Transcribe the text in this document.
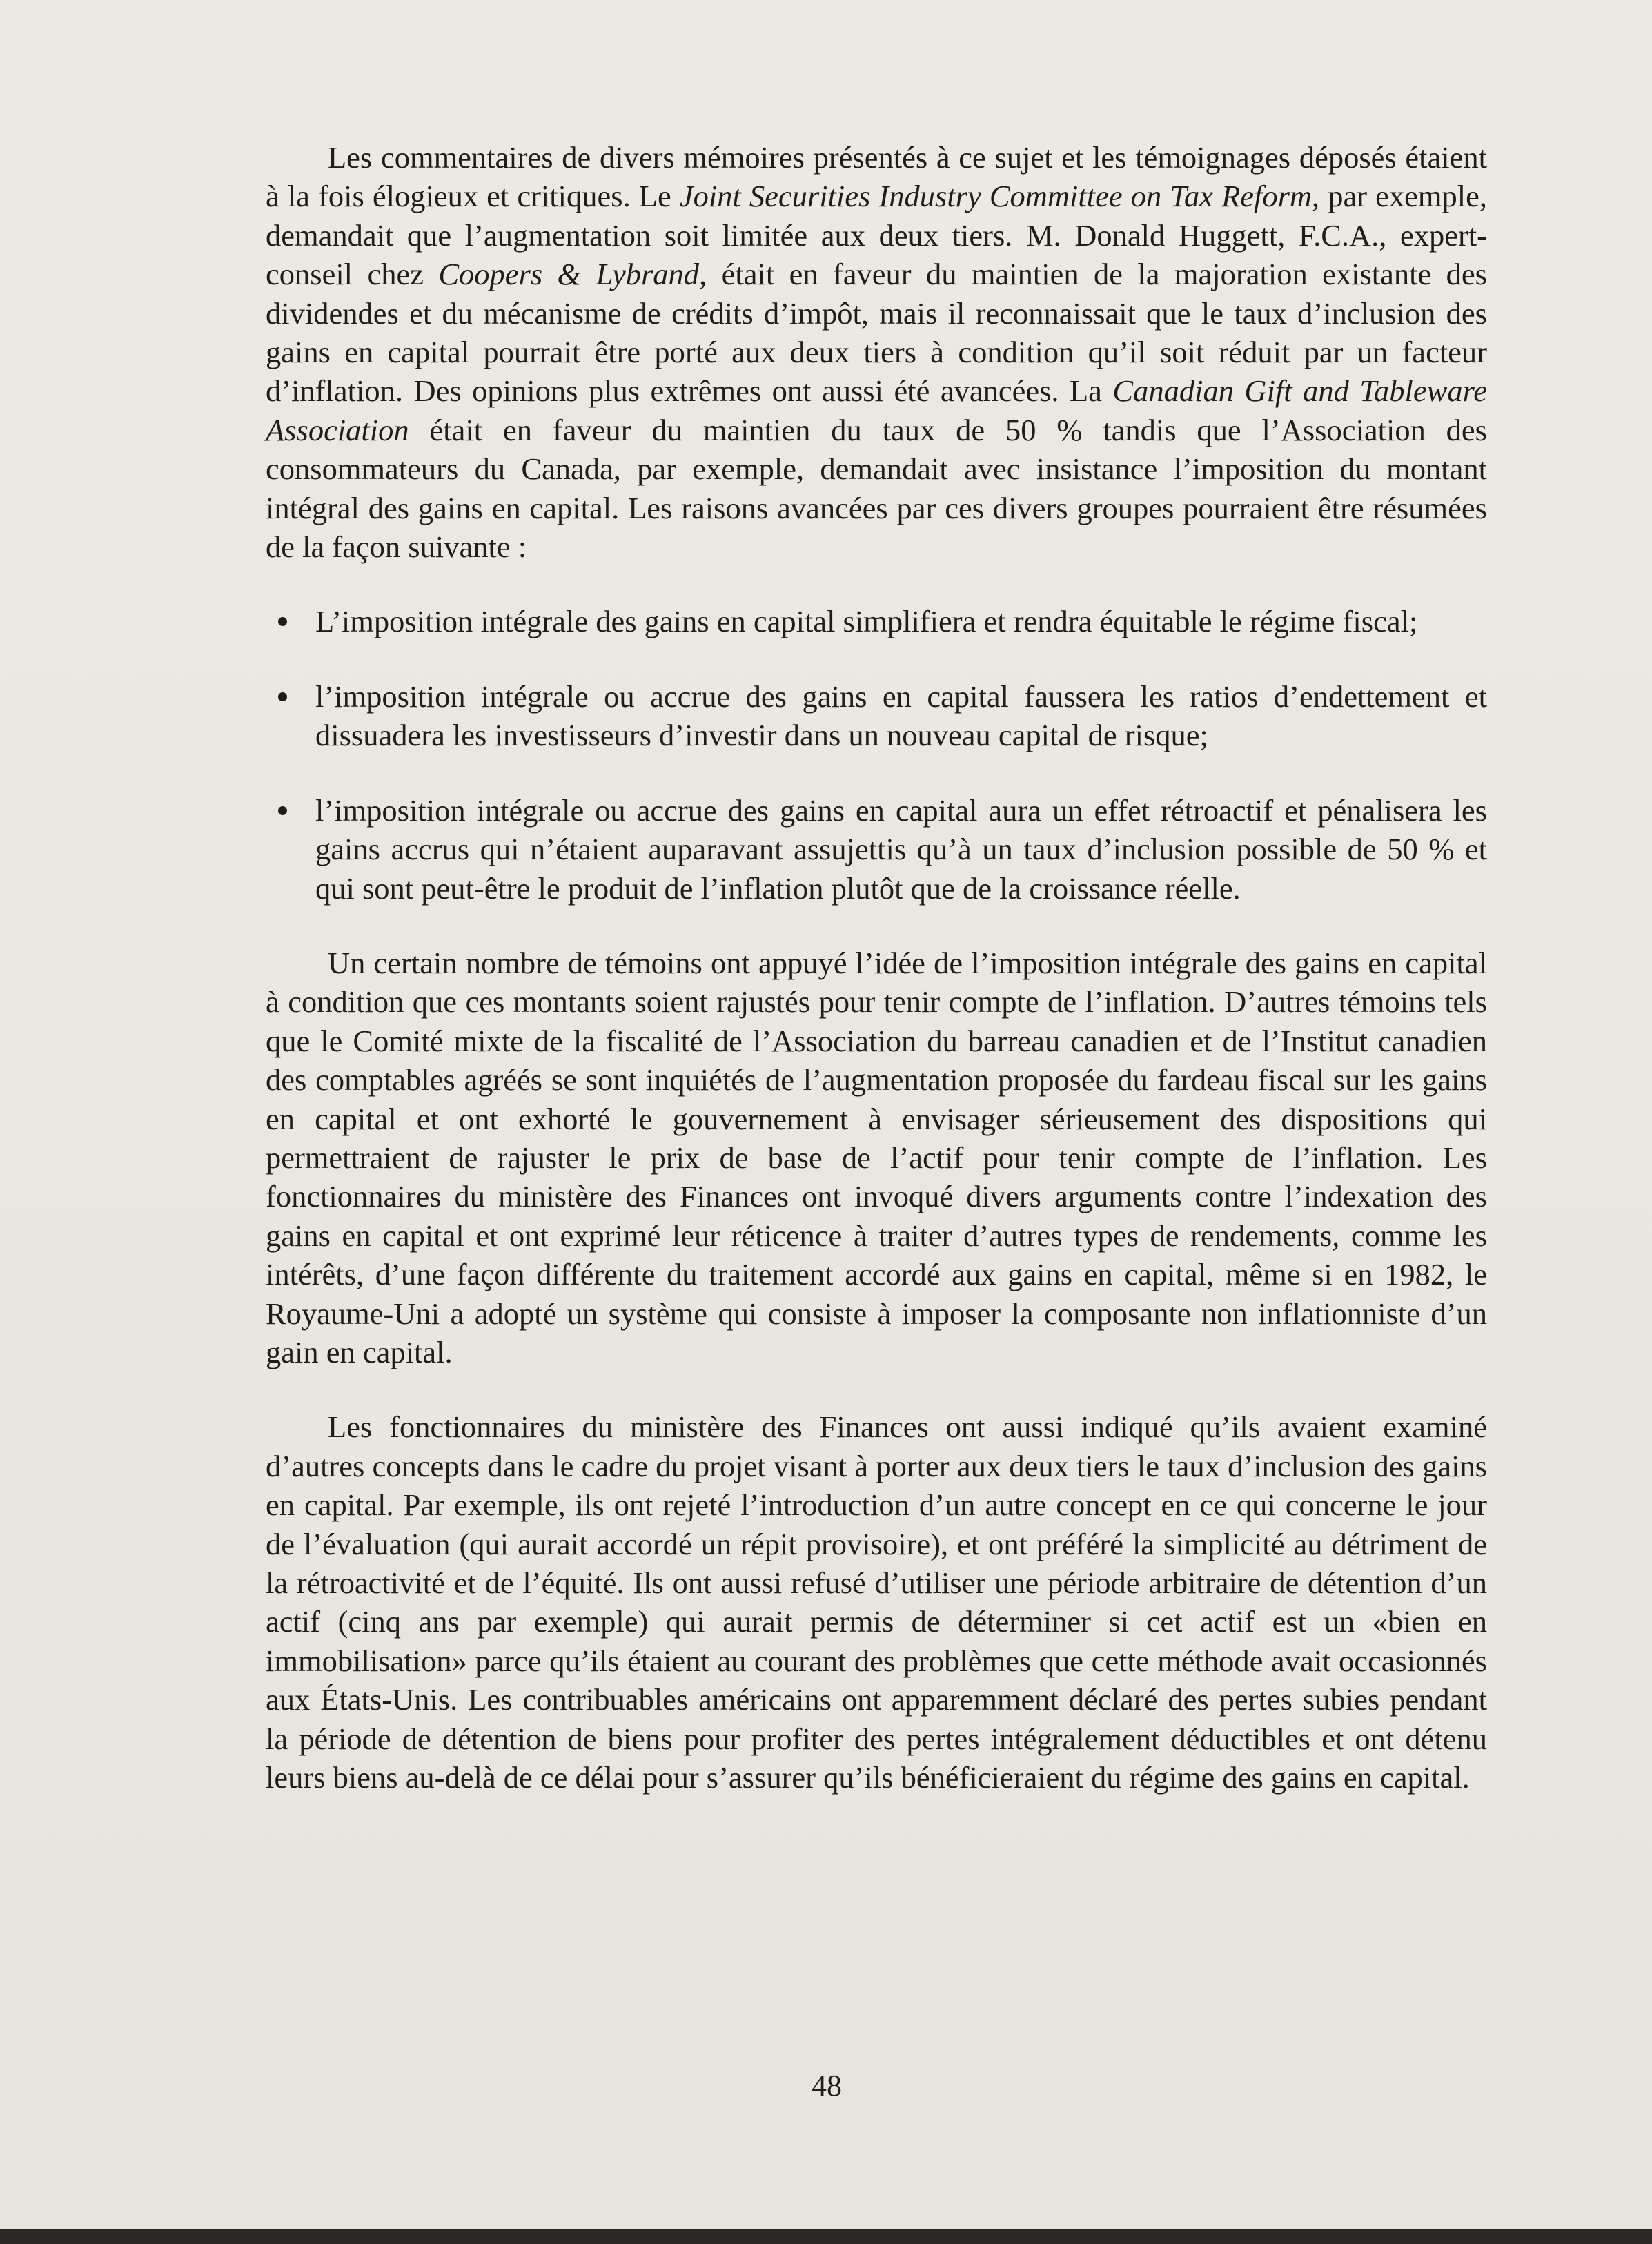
Les commentaires de divers mémoires présentés à ce sujet et les témoignages déposés étaient à la fois élogieux et critiques. Le Joint Securities Industry Committee on Tax Reform, par exemple, demandait que l’augmentation soit limitée aux deux tiers. M. Donald Huggett, F.C.A., expert-conseil chez Coopers & Lybrand, était en faveur du maintien de la majoration existante des dividendes et du mécanisme de crédits d’impôt, mais il reconnaissait que le taux d’inclusion des gains en capital pourrait être porté aux deux tiers à condition qu’il soit réduit par un facteur d’inflation. Des opinions plus extrêmes ont aussi été avancées. La Canadian Gift and Tableware Association était en faveur du maintien du taux de 50 % tandis que l’Association des consommateurs du Canada, par exemple, demandait avec insistance l’imposition du montant intégral des gains en capital. Les raisons avancées par ces divers groupes pourraient être résumées de la façon suivante :

L’imposition intégrale des gains en capital simplifiera et rendra équitable le régime fiscal;
l’imposition intégrale ou accrue des gains en capital faussera les ratios d’endettement et dissuadera les investisseurs d’investir dans un nouveau capital de risque;
l’imposition intégrale ou accrue des gains en capital aura un effet rétroactif et pénalisera les gains accrus qui n’étaient auparavant assujettis qu’à un taux d’inclusion possible de 50 % et qui sont peut-être le produit de l’inflation plutôt que de la croissance réelle.

Un certain nombre de témoins ont appuyé l’idée de l’imposition intégrale des gains en capital à condition que ces montants soient rajustés pour tenir compte de l’inflation. D’autres témoins tels que le Comité mixte de la fiscalité de l’Association du barreau canadien et de l’Institut canadien des comptables agréés se sont inquiétés de l’augmentation proposée du fardeau fiscal sur les gains en capital et ont exhorté le gouvernement à envisager sérieusement des dispositions qui permettraient de rajuster le prix de base de l’actif pour tenir compte de l’inflation. Les fonctionnaires du ministère des Finances ont invoqué divers arguments contre l’indexation des gains en capital et ont exprimé leur réticence à traiter d’autres types de rendements, comme les intérêts, d’une façon différente du traitement accordé aux gains en capital, même si en 1982, le Royaume-Uni a adopté un système qui consiste à imposer la composante non inflationniste d’un gain en capital.

Les fonctionnaires du ministère des Finances ont aussi indiqué qu’ils avaient examiné d’autres concepts dans le cadre du projet visant à porter aux deux tiers le taux d’inclusion des gains en capital. Par exemple, ils ont rejeté l’introduction d’un autre concept en ce qui concerne le jour de l’évaluation (qui aurait accordé un répit provisoire), et ont préféré la simplicité au détriment de la rétroactivité et de l’équité. Ils ont aussi refusé d’utiliser une période arbitraire de détention d’un actif (cinq ans par exemple) qui aurait permis de déterminer si cet actif est un «bien en immobilisation» parce qu’ils étaient au courant des problèmes que cette méthode avait occasionnés aux États-Unis. Les contribuables américains ont apparemment déclaré des pertes subies pendant la période de détention de biens pour profiter des pertes intégralement déductibles et ont détenu leurs biens au-delà de ce délai pour s’assurer qu’ils bénéficieraient du régime des gains en capital.

48
